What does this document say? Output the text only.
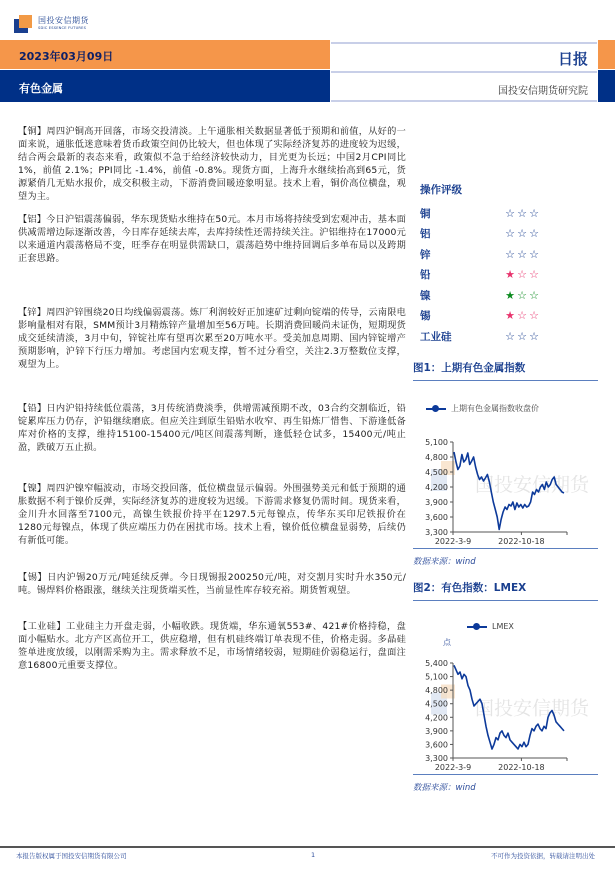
国投安信期货
SDIC ESSENCE FUTURES
2023年03月09日
有色金属
日报
国投安信期货研究院

【铜】周四沪铜高开回落，市场交投清淡。上午通胀相关数据显著低于预期和前值，从好的一面来说，通胀低迷意味着货币政策空间仍比较大，但也体现了实际经济复苏的进度较为迟缓，结合两会最新的表态来看，政策似不急于给经济较快动力，目光更为长远；中国2月CPI同比 1%，前值 2.1%；PPI同比 -1.4%，前值 -0.8%。现货方面，上海升水继续抬高到65元，货源紧俏几无贴水报价，成交积极主动，下游消费回暖迹象明显。技术上看，铜价高位横盘，观望为主。

【铝】今日沪铝震荡偏弱，华东现货贴水维持在50元。本月市场将持续受到宏观冲击，基本面供减需增边际逐渐改善，今日库存延续去库，去库持续性还需持续关注。沪铝维持在17000元以来通道内震荡格局不变，旺季存在明显供需缺口，震荡趋势中维持回调后多单布局以及跨期正套思路。

【锌】周四沪锌围绕20日均线偏弱震荡。炼厂利润较好正加速矿过剩向锭端的传导，云南限电影响量相对有限，SMM预计3月精炼锌产量增加至56万吨。长期消费回暖尚未证伪，短期现货成交延续清淡，3月中旬，锌锭社库有望再次累至20万吨水平。受美加息周期、国内锌锭增产预期影响，沪锌下行压力增加。考虑国内宏观支撑，暂不过分看空，关注2.3万整数位支撑，观望为上。

【铅】日内沪铅持续低位震荡，3月传统消费淡季，供增需减预期不改，03合约交割临近，铅锭累库压力仍存，沪铅继续磨底。但应关注到原生铅贴水收窄、再生铅炼厂惜售、下游逢低备库对价格的支撑，维持15100-15400元/吨区间震荡判断，逢低轻仓试多，15400元/吨止盈，跌破万五止损。

【镍】周四沪镍窄幅波动，市场交投回落，低位横盘显示偏弱。外围强势美元和低于预期的通胀数据不利于镍价反弹，实际经济复苏的进度较为迟缓。下游需求修复仍需时间。现货来看，金川升水回落至7100元，高镍生铁报价持平在1297.5元每镍点，传华东买印尼铁报价在1280元每镍点，体现了供应端压力仍在困扰市场。技术上看，镍价低位横盘显弱势，后续仍有新低可能。

【锡】日内沪锡20万元/吨延续反弹。今日现锡报200250元/吨，对交割月实时升水350元/吨。锡焊料价格跟涨，继续关注现货端买性，当前显性库存较充裕。期货暂观望。

【工业硅】工业硅主力开盘走弱，小幅收跌。现货端，华东通氧553#、421#价格持稳，盘面小幅贴水。北方产区高位开工，供应稳增，但有机硅终端订单表现不佳，价格走弱。多晶硅签单进度放缓，以刚需采购为主。需求释放不足，市场情绪较弱，短期硅价弱稳运行，盘面注意16800元重要支撑位。

操作评级
铜	☆ ☆ ☆
铝	☆ ☆ ☆
锌	☆ ☆ ☆
铅	★ ☆ ☆
镍	★ ☆ ☆
锡	★ ☆ ☆
工业硅	☆ ☆ ☆
图1：上期有色金属指数
上期有色金属指数收盘价
国投安信期货
3,300
3,600
3,900
4,200
4,500
4,800
5,100
2022-3-9	2022-10-18
数据来源：wind
图2：有色指数：LMEX
LMEX
点
国投安信期货
3,300
3,600
3,900
4,200
4,500
4,800
5,100
5,400
2022-3-9	2022-10-18
数据来源：wind
本报告版权属于国投安信期货有限公司	1	不可作为投资依据，转载请注明出处
